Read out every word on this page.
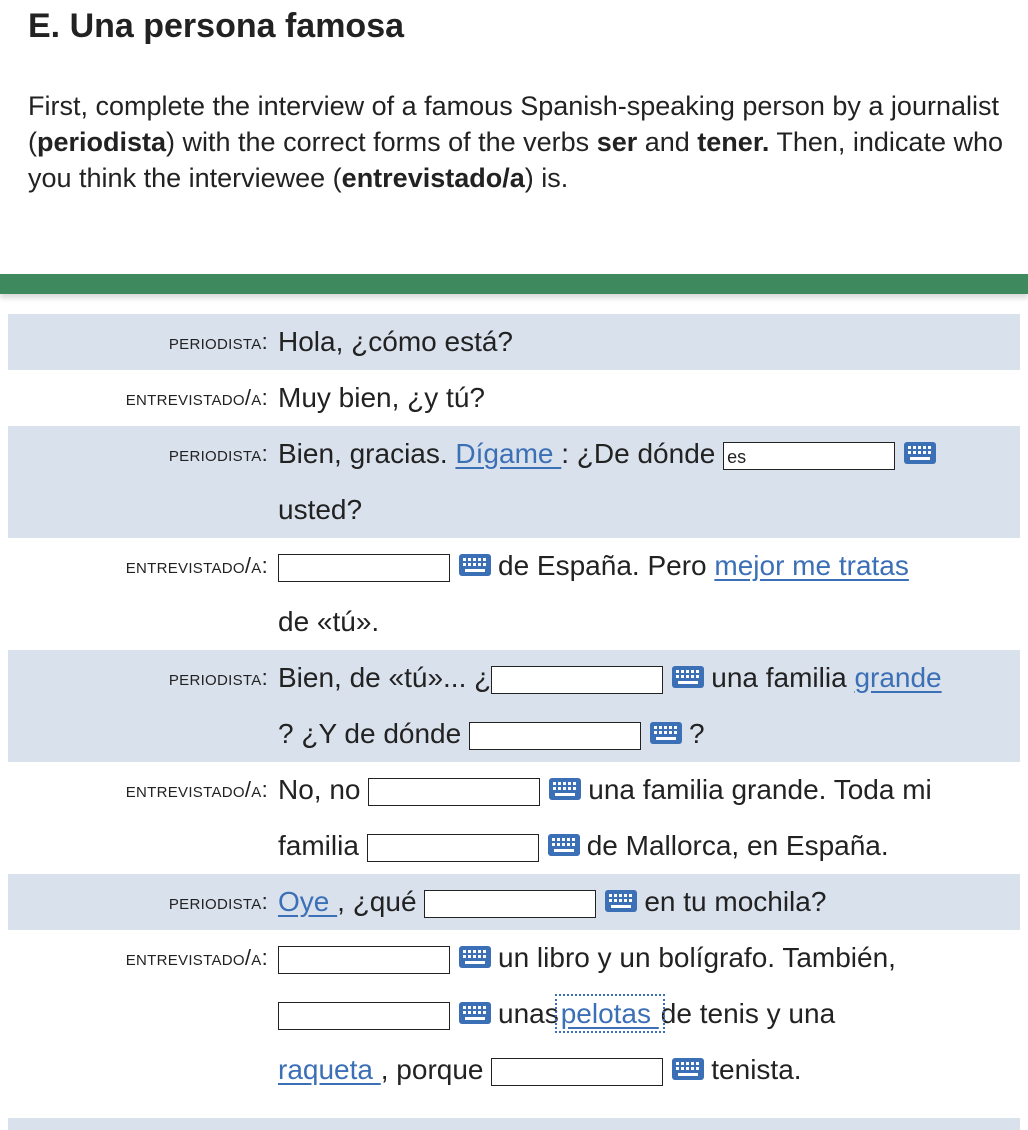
E. Una persona famosa

First, complete the interview of a famous Spanish-speaking person by a journalist (periodista) with the correct forms of the verbs ser and tener. Then, indicate who you think the interviewee (entrevistado/a) is.

periodista: Hola, ¿cómo está?
entrevistado/a: Muy bien, ¿y tú?
periodista: Bien, gracias. Dígame : ¿De dónde es
usted?
entrevistado/a:	de España. Pero mejor me tratas
de «tú».
periodista: Bien, de «tú»... ¿	una familia grande
? ¿Y de dónde	?
entrevistado/a: No, no	una familia grande. Toda mi
familia	de Mallorca, en España.
periodista: Oye , ¿qué	en tu mochila?
entrevistado/a:	un libro y un bolígrafo. También,
unaspelotas de tenis y una
raqueta , porque	tenista.
